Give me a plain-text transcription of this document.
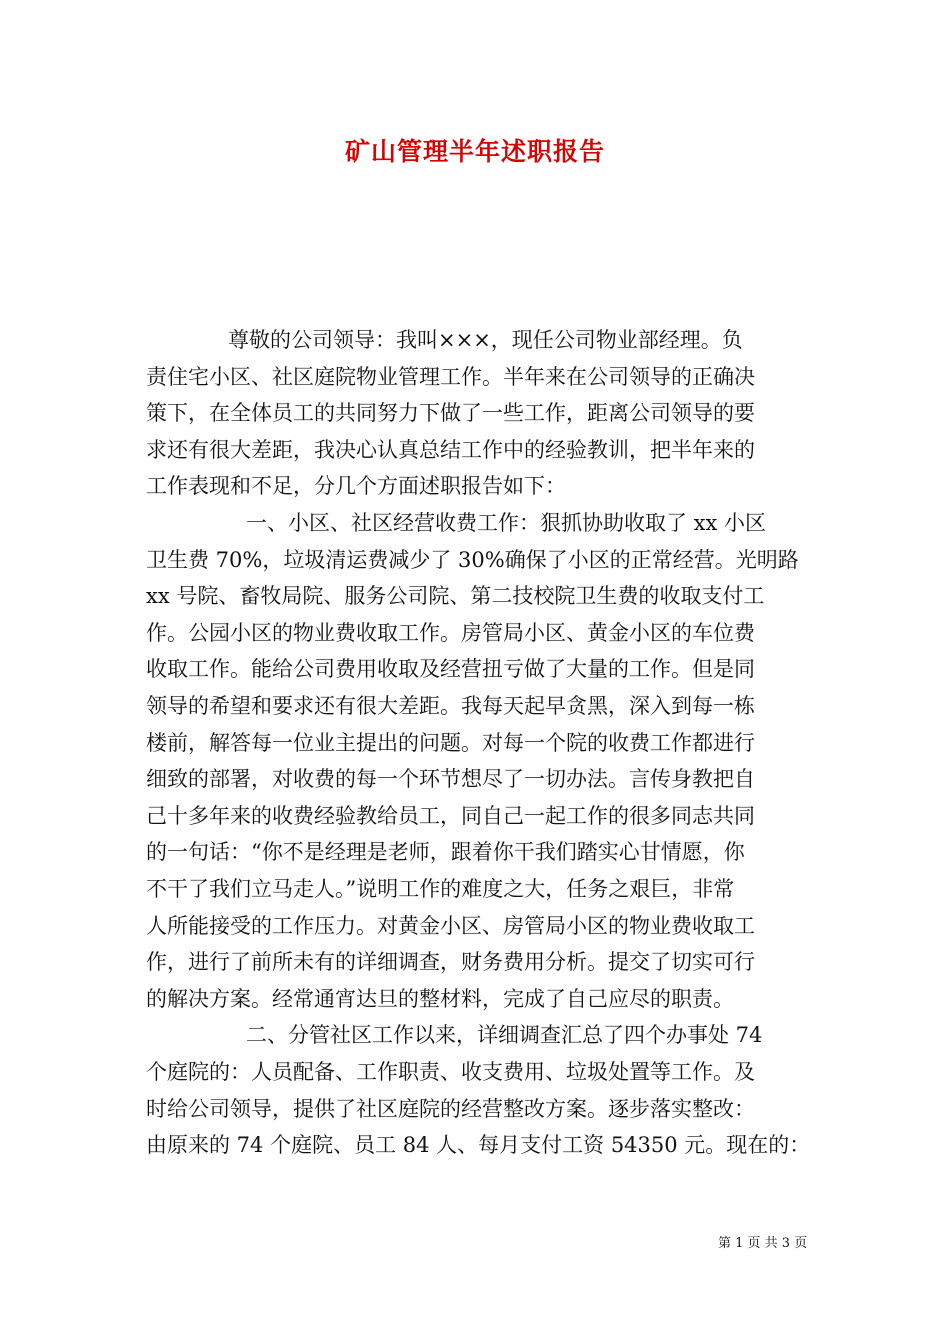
矿山管理半年述职报告
尊敬的公司领导：我叫×××，现任公司物业部经理。负
责住宅小区、社区庭院物业管理工作。半年来在公司领导的正确决
策下，在全体员工的共同努力下做了一些工作，距离公司领导的要
求还有很大差距，我决心认真总结工作中的经验教训，把半年来的
工作表现和不足，分几个方面述职报告如下：
一、小区、社区经营收费工作：狠抓协助收取了 xx 小区
卫生费 70%，垃圾清运费减少了 30%确保了小区的正常经营。光明路
xx 号院、畜牧局院、服务公司院、第二技校院卫生费的收取支付工
作。公园小区的物业费收取工作。房管局小区、黄金小区的车位费
收取工作。能给公司费用收取及经营扭亏做了大量的工作。但是同
领导的希望和要求还有很大差距。我每天起早贪黑，深入到每一栋
楼前，解答每一位业主提出的问题。对每一个院的收费工作都进行
细致的部署，对收费的每一个环节想尽了一切办法。言传身教把自
己十多年来的收费经验教给员工，同自己一起工作的很多同志共同
的一句话：“你不是经理是老师，跟着你干我们踏实心甘情愿，你
不干了我们立马走人。”说明工作的难度之大，任务之艰巨，非常
人所能接受的工作压力。对黄金小区、房管局小区的物业费收取工
作，进行了前所未有的详细调查，财务费用分析。提交了切实可行
的解决方案。经常通宵达旦的整材料，完成了自己应尽的职责。
二、分管社区工作以来，详细调查汇总了四个办事处 74
个庭院的：人员配备、工作职责、收支费用、垃圾处置等工作。及
时给公司领导，提供了社区庭院的经营整改方案。逐步落实整改：
由原来的 74 个庭院、员工 84 人、每月支付工资 54350 元。现在的：
第 1 页 共 3 页
